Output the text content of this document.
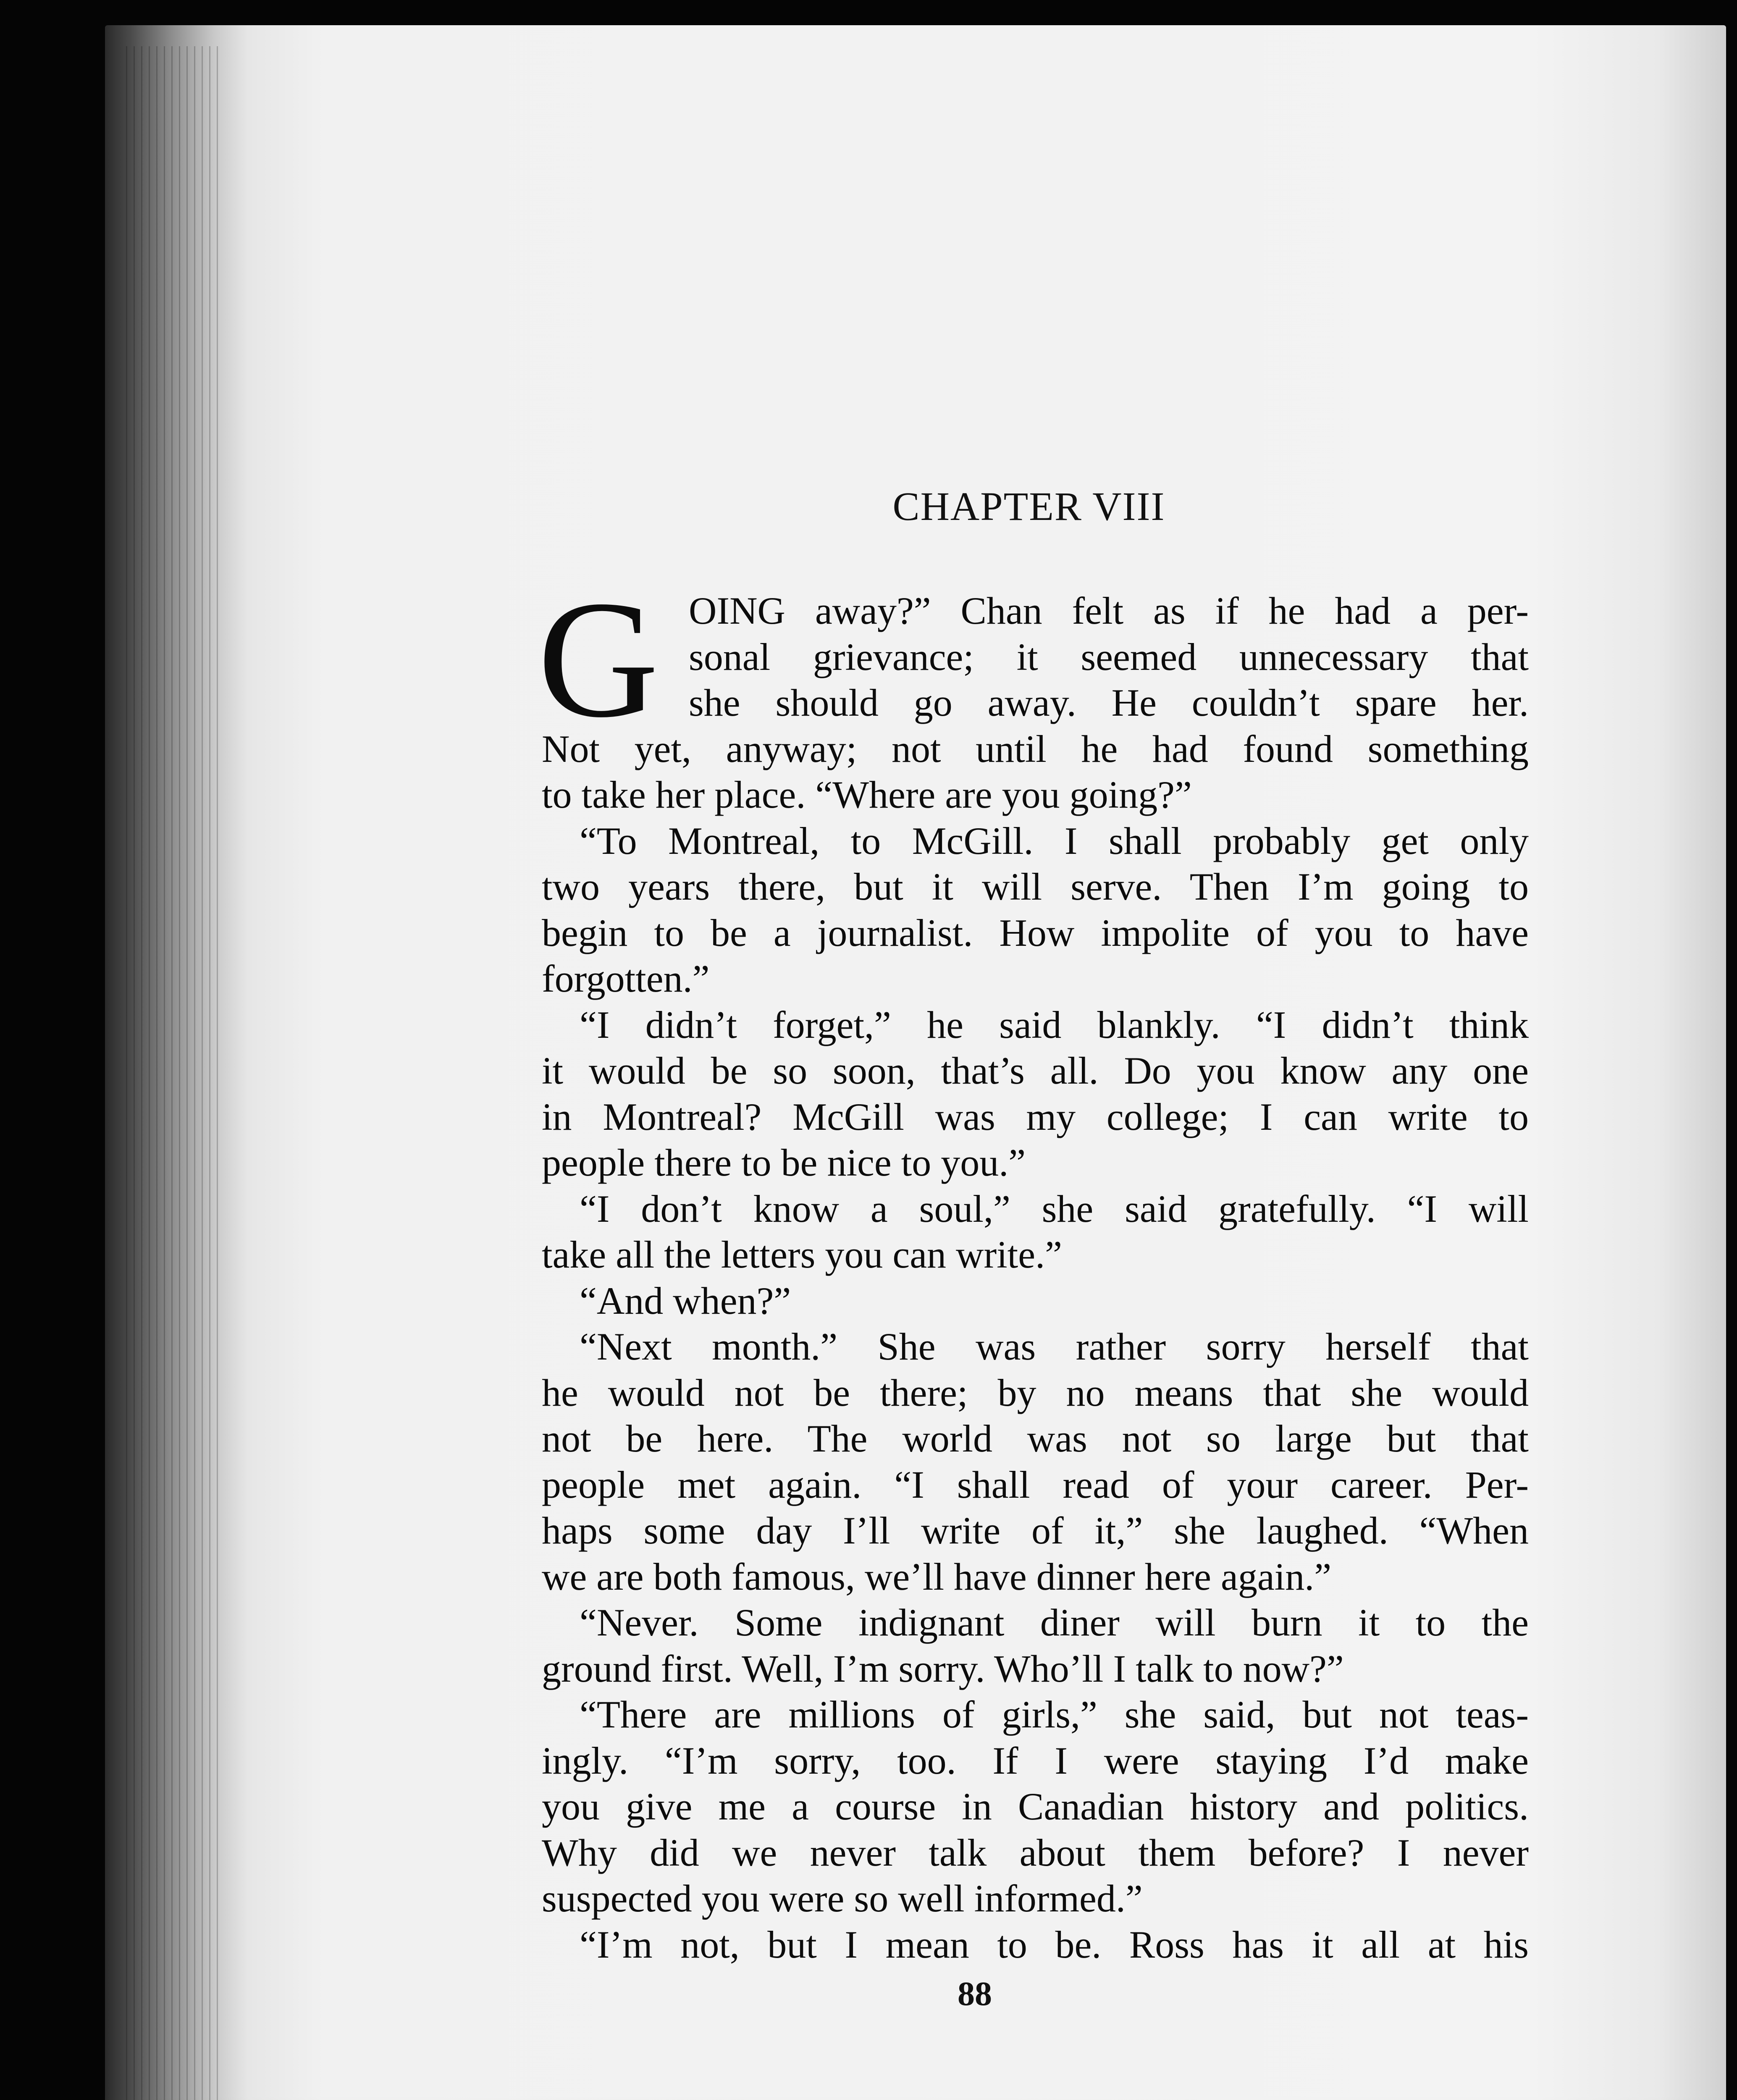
CHAPTER VIII
G OING away?” Chan felt as if he had a per-
sonal grievance; it seemed unnecessary that
she should go away. He couldn’t spare her.
Not yet, anyway; not until he had found something
to take her place. “Where are you going?”
“To Montreal, to McGill. I shall probably get only
two years there, but it will serve. Then I’m going to
begin to be a journalist. How impolite of you to have
forgotten.”
“I didn’t forget,” he said blankly. “I didn’t think
it would be so soon, that’s all. Do you know any one
in Montreal? McGill was my college; I can write to
people there to be nice to you.”
“I don’t know a soul,” she said gratefully. “I will
take all the letters you can write.”
“And when?”
“Next month.” She was rather sorry herself that
he would not be there; by no means that she would
not be here. The world was not so large but that
people met again. “I shall read of your career. Per-
haps some day I’ll write of it,” she laughed. “When
we are both famous, we’ll have dinner here again.”
“Never. Some indignant diner will burn it to the
ground first. Well, I’m sorry. Who’ll I talk to now?”
“There are millions of girls,” she said, but not teas-
ingly. “I’m sorry, too. If I were staying I’d make
you give me a course in Canadian history and politics.
Why did we never talk about them before? I never
suspected you were so well informed.”
“I’m not, but I mean to be. Ross has it all at his
88
